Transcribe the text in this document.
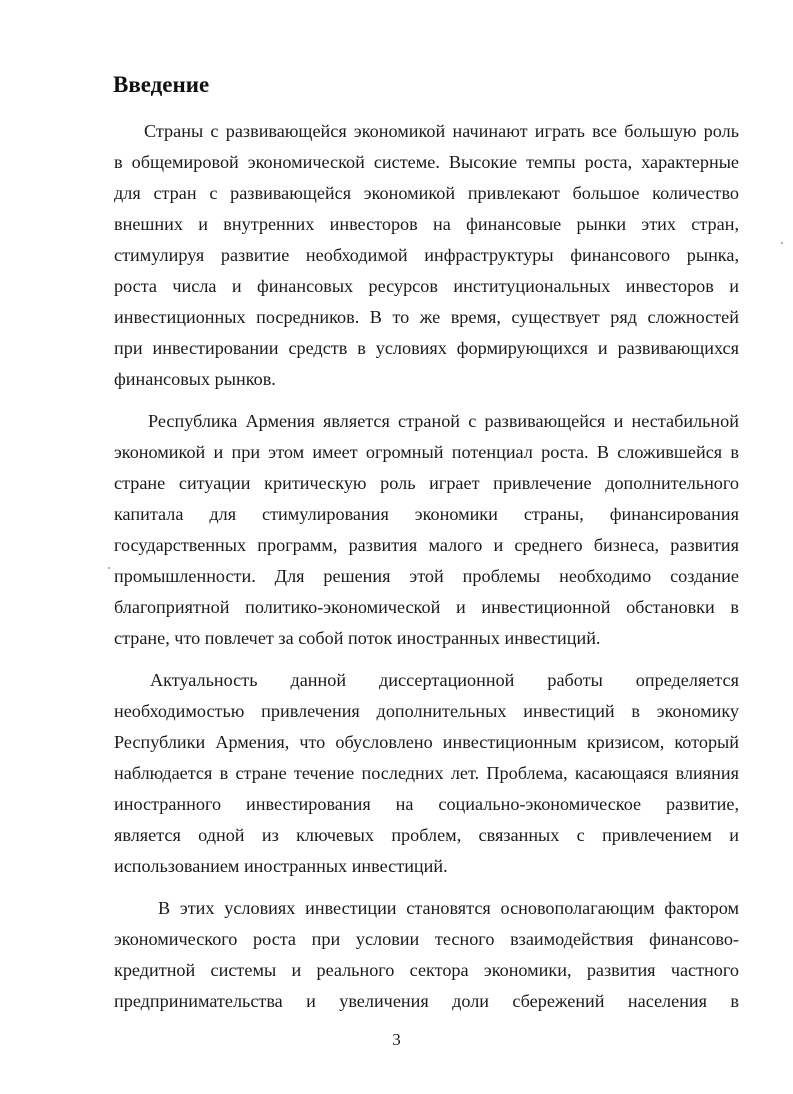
Введение
Страны с развивающейся экономикой начинают играть все большую роль
в общемировой экономической системе. Высокие темпы роста, характерные
для стран с развивающейся экономикой привлекают большое количество
внешних и внутренних инвесторов на финансовые рынки этих стран,
стимулируя развитие необходимой инфраструктуры финансового рынка,
роста числа и финансовых ресурсов институциональных инвесторов и
инвестиционных посредников. В то же время, существует ряд сложностей
при инвестировании средств в условиях формирующихся и развивающихся
финансовых рынков.
Республика Армения является страной с развивающейся и нестабильной
экономикой и при этом имеет огромный потенциал роста. В сложившейся в
стране ситуации критическую роль играет привлечение дополнительного
капитала для стимулирования экономики страны, финансирования
государственных программ, развития малого и среднего бизнеса, развития
промышленности. Для решения этой проблемы необходимо создание
благоприятной политико-экономической и инвестиционной обстановки в
стране, что повлечет за собой поток иностранных инвестиций.
Актуальность данной диссертационной работы определяется
необходимостью привлечения дополнительных инвестиций в экономику
Республики Армения, что обусловлено инвестиционным кризисом, который
наблюдается в стране течение последних лет. Проблема, касающаяся влияния
иностранного инвестирования на социально-экономическое развитие,
является одной из ключевых проблем, связанных с привлечением и
использованием иностранных инвестиций.
В этих условиях инвестиции становятся основополагающим фактором
экономического роста при условии тесного взаимодействия финансово-
кредитной системы и реального сектора экономики, развития частного
предпринимательства и увеличения доли сбережений населения в

3
